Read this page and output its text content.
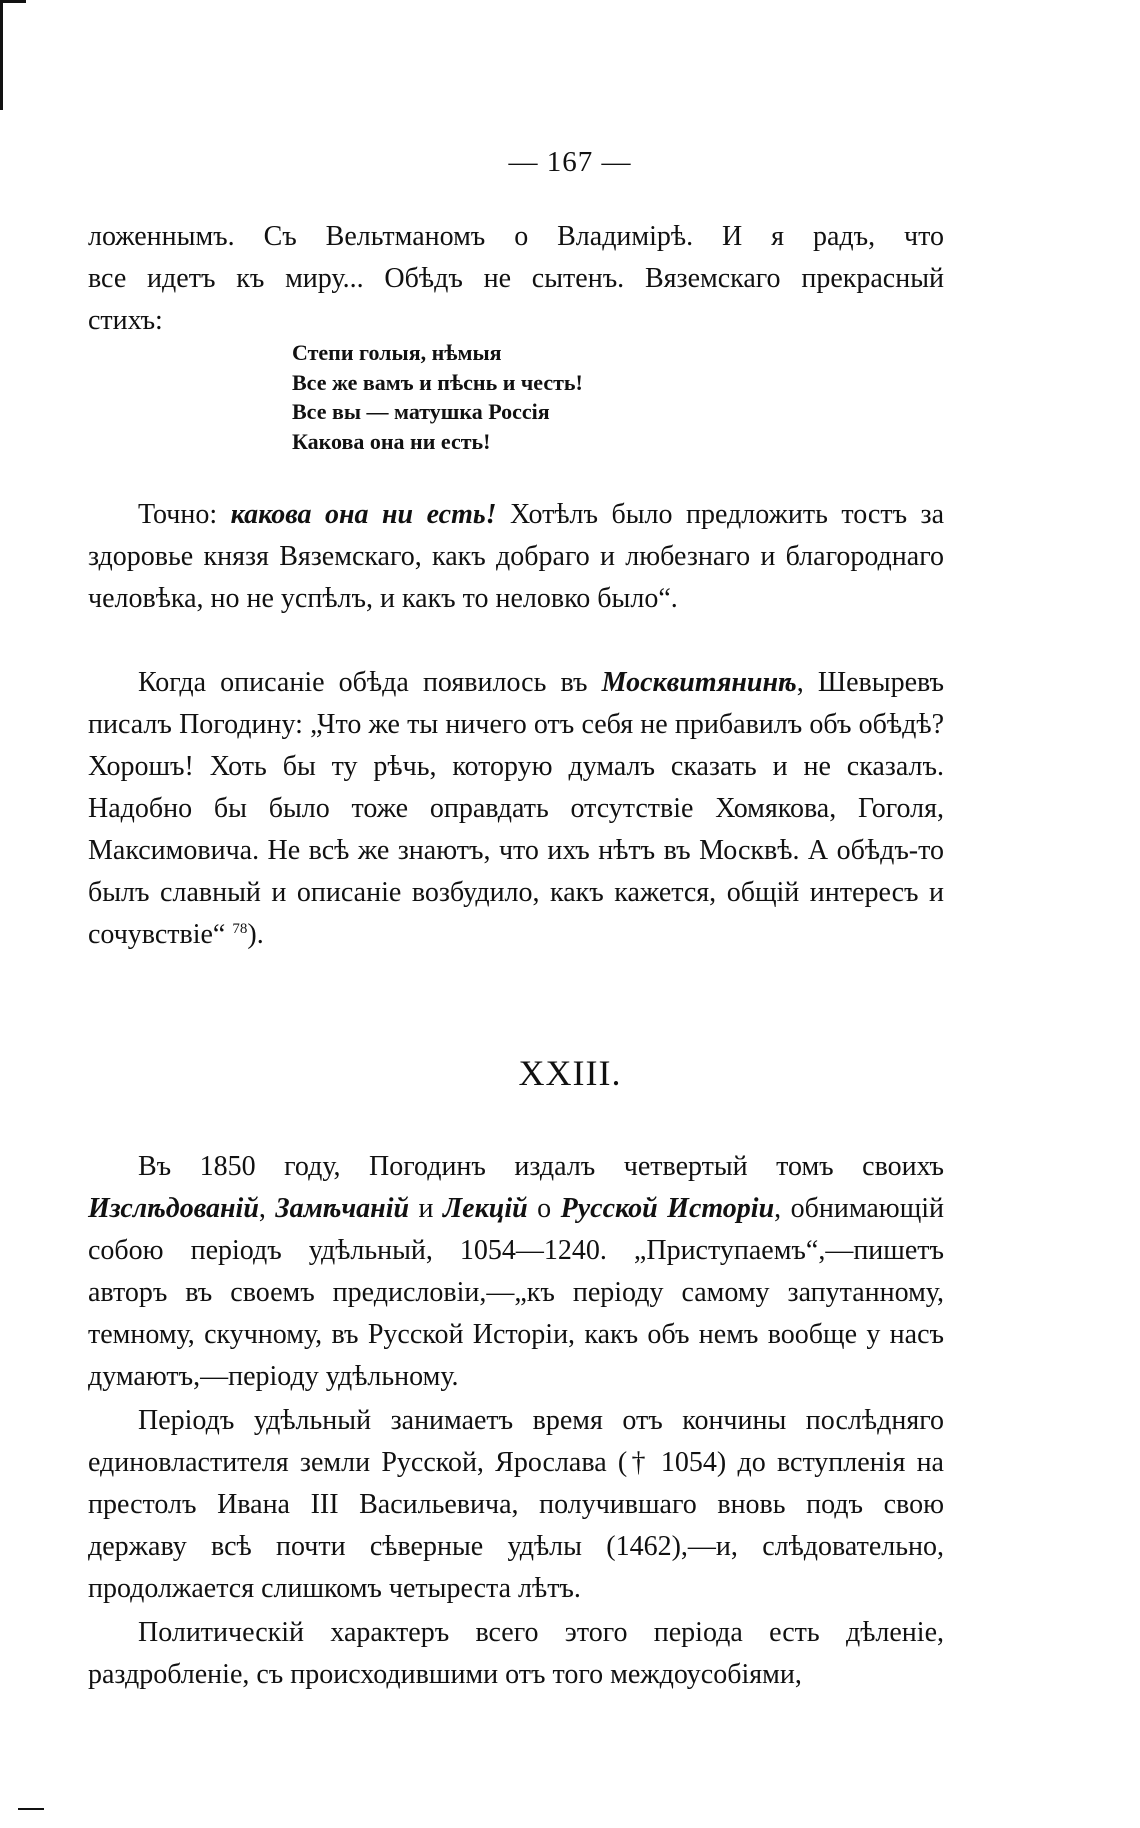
— 167 —

ложеннымъ. Съ Вельтманомъ о Владимірѣ. И я радъ, что

все идетъ къ миру... Обѣдъ не сытенъ. Вяземскаго прекрасный

стихъ:

Степи голыя, нѣмыя
Все же вамъ и пѣснь и честь!
Все вы — матушка Россія
Какова она ни есть!

Точно: какова она ни есть! Хотѣлъ было предложить тостъ за здоровье князя Вяземскаго, какъ добраго и любезнаго и благороднаго человѣка, но не успѣлъ, и какъ то неловко было“.

Когда описаніе обѣда появилось въ Москвитянинѣ, Шевыревъ писалъ Погодину: „Что же ты ничего отъ себя не прибавилъ объ обѣдѣ? Хорошъ! Хоть бы ту рѣчь, которую думалъ сказать и не сказалъ. Надобно бы было тоже оправдать отсутствіе Хомякова, Гоголя, Максимовича. Не всѣ же знаютъ, что ихъ нѣтъ въ Москвѣ. А обѣдъ-то былъ славный и описаніе возбудило, какъ кажется, общій интересъ и сочувствіе“ $^{78}$).

XXIII.

Въ 1850 году, Погодинъ издалъ четвертый томъ своихъ Изслѣдованій, Замѣчаній и Лекцій о Русской Исторіи, обнимающій собою періодъ удѣльный, 1054—1240. „Приступаемъ“,—пишетъ авторъ въ своемъ предисловіи,—„къ періоду самому запутанному, темному, скучному, въ Русской Исторіи, какъ объ немъ вообще у насъ думаютъ,—періоду удѣльному.

Періодъ удѣльный занимаетъ время отъ кончины послѣдняго единовластителя земли Русской, Ярослава († 1054) до вступленія на престолъ Ивана III Васильевича, получившаго вновь подъ свою державу всѣ почти сѣверные удѣлы (1462),—и, слѣдовательно, продолжается слишкомъ четыреста лѣтъ.

Политическій характеръ всего этого періода есть дѣленіе, раздробленіе, съ происходившими отъ того междоусобіями,
